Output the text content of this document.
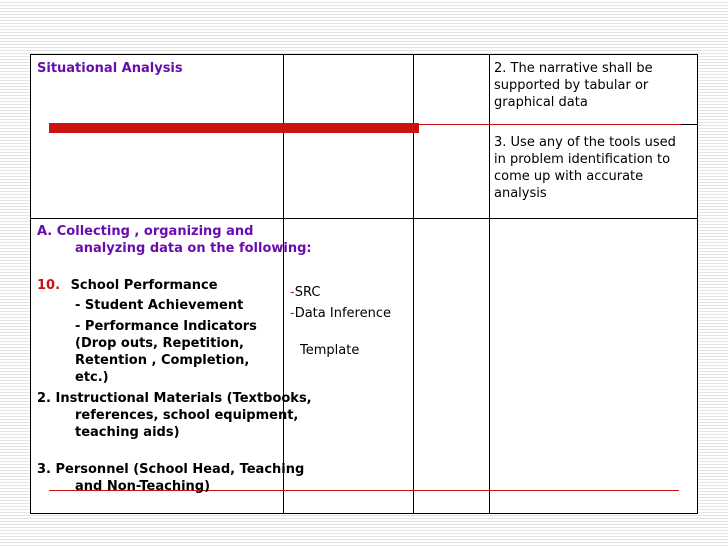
Situational Analysis	2. The narrative shall be supported by tabular or graphical data
3. Use any of the tools used in problem identification to come up with accurate analysis
A. Collecting , organizing and analyzing data on the following:
10. School Performance
- Student Achievement
- Performance Indicators (Drop outs, Repetition, Retention , Completion, etc.)
2. Instructional Materials (Textbooks, references, school equipment, teaching aids)
3. Personnel (School Head, Teaching and Non-Teaching)
-SRC
-Data Inference
Template
